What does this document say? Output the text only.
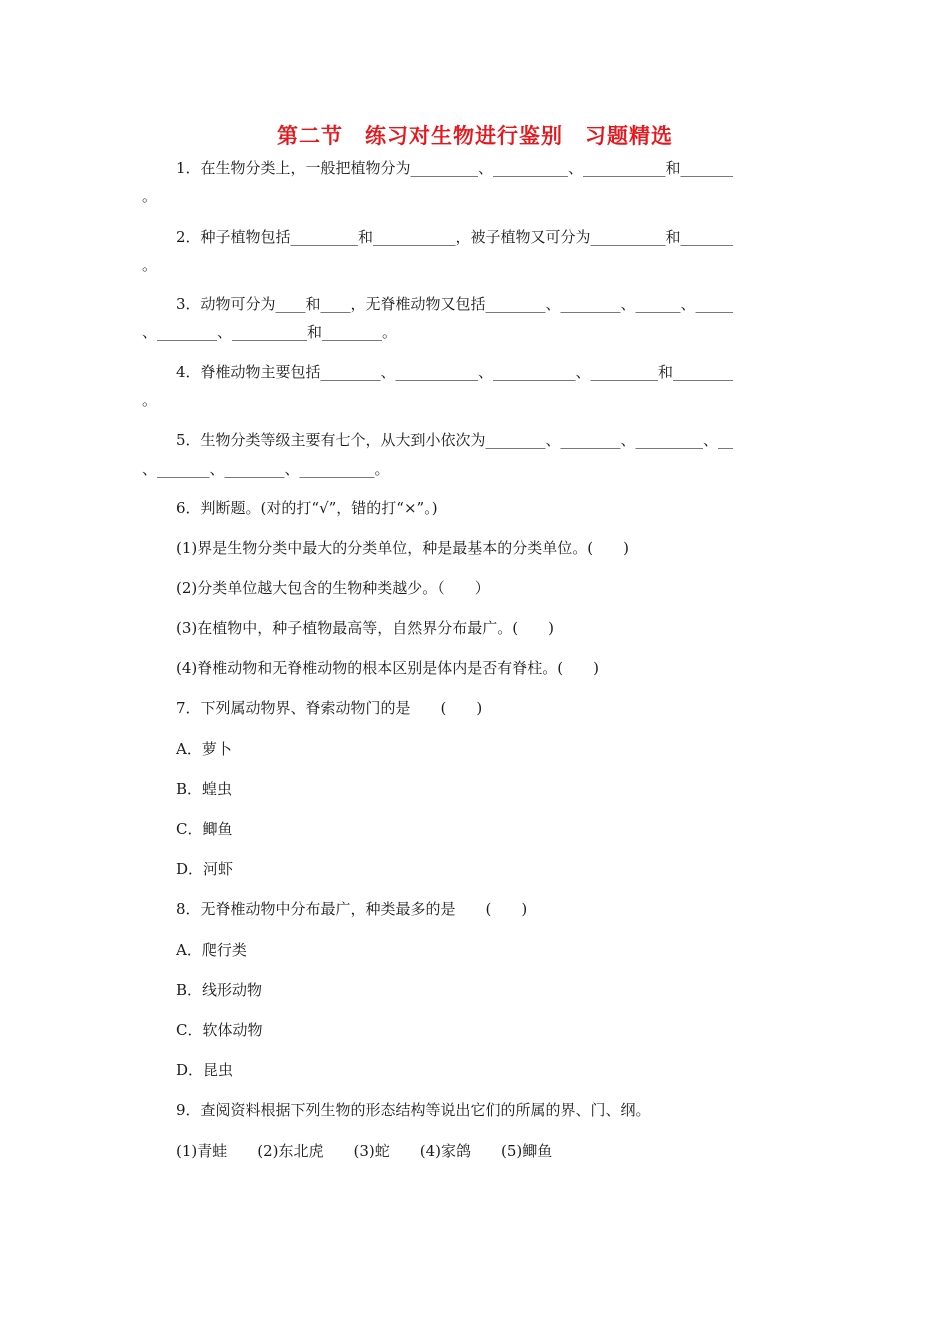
第二节　练习对生物进行鉴别　习题精选
1．在生物分类上，一般把植物分为_________、__________、___________和_______
。
2．种子植物包括_________和___________，被子植物又可分为__________和_______
。
3．动物可分为____和____，无脊椎动物又包括________、________、______、_____
、________、__________和________。
4．脊椎动物主要包括________、___________、___________、_________和________
。
5．生物分类等级主要有七个，从大到小依次为________、________、_________、__
、_______、________、__________。
6．判断题。(对的打“√”，错的打“×”。)
(1)界是生物分类中最大的分类单位，种是最基本的分类单位。(　　)
(2)分类单位越大包含的生物种类越少。（　　）
(3)在植物中，种子植物最高等，自然界分布最广。(　　)
(4)脊椎动物和无脊椎动物的根本区别是体内是否有脊柱。(　　)
7．下列属动物界、脊索动物门的是　　(　　)
A．萝卜
B．蝗虫
C．鲫鱼
D．河虾
8．无脊椎动物中分布最广，种类最多的是　　(　　)
A．爬行类
B．线形动物
C．软体动物
D．昆虫
9．查阅资料根据下列生物的形态结构等说出它们的所属的界、门、纲。
(1)青蛙　　(2)东北虎　　(3)蛇　　(4)家鸽　　(5)鲫鱼
